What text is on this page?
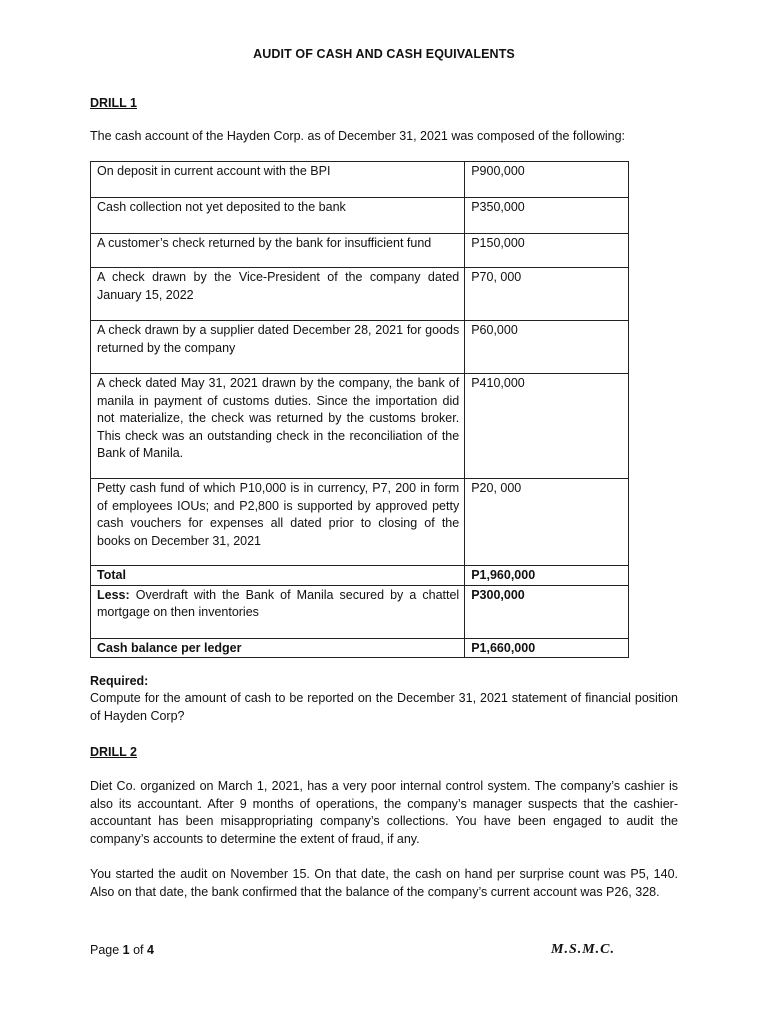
AUDIT OF CASH AND CASH EQUIVALENTS
DRILL 1
The cash account of the Hayden Corp. as of December 31, 2021 was composed of the following:
On deposit in current account with the BPI	P900,000
Cash collection not yet deposited to the bank	P350,000
A customer’s check returned by the bank for insufficient fund	P150,000
A check drawn by the Vice-President of the company dated January 15, 2022	P70, 000
A check drawn by a supplier dated December 28, 2021 for goods returned by the company	P60,000
A check dated May 31, 2021 drawn by the company, the bank of manila in payment of customs duties. Since the importation did not materialize, the check was returned by the customs broker. This check was an outstanding check in the reconciliation of the Bank of Manila.	P410,000
Petty cash fund of which P10,000 is in currency, P7, 200 in form of employees IOUs; and P2,800 is supported by approved petty cash vouchers for expenses all dated prior to closing of the books on December 31, 2021	P20, 000
Total	P1,960,000
Less: Overdraft with the Bank of Manila secured by a chattel mortgage on then inventories	P300,000
Cash balance per ledger	P1,660,000
Required:
Compute for the amount of cash to be reported on the December 31, 2021 statement of financial position of Hayden Corp?
DRILL 2
Diet Co. organized on March 1, 2021, has a very poor internal control system. The company’s cashier is also its accountant. After 9 months of operations, the company’s manager suspects that the cashier-accountant has been misappropriating company’s collections. You have been engaged to audit the company’s accounts to determine the extent of fraud, if any.
You started the audit on November 15. On that date, the cash on hand per surprise count was P5, 140. Also on that date, the bank confirmed that the balance of the company’s current account was P26, 328.
Page 1 of 4	M.S.M.C.
